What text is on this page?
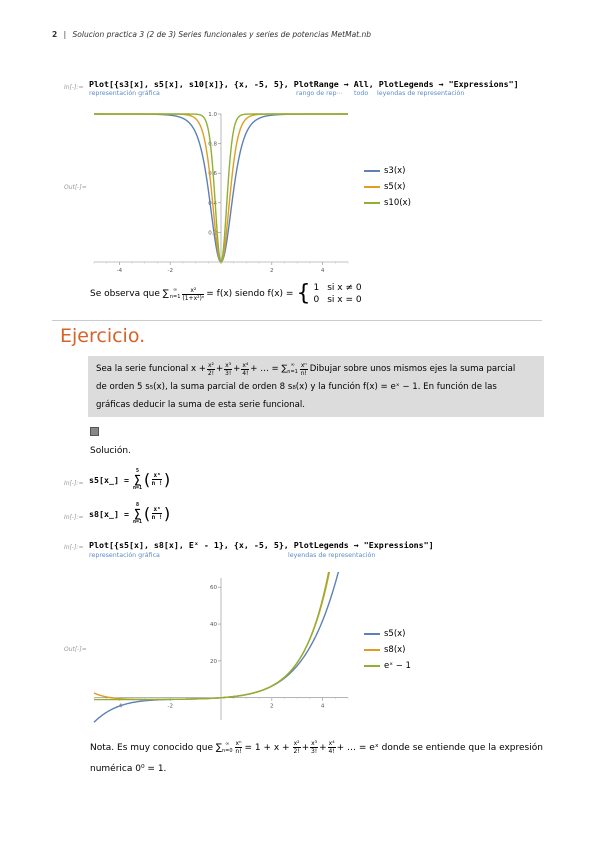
2 | Solucion practica 3 (2 de 3) Series funcionales y series de potencias MetMat.nb
In[-]:= Plot[{s3[x], s5[x], s10[x]}, {x, -5, 5}, PlotRange → All, PlotLegends → "Expressions"]
representación gráfica	rango de rep⋯ todo leyendas de representación
Out[-]=
-4	-2	2	4
0.2
0.4
0.6
0.8
1.0
s3(x)
s5(x)
s10(x)
Se observa que ∑ ∞
$n=1 \frac{\text{x²}}{\text{(1+x²)ⁿ}} = f(x)$ siendo f(x) = { 1 si x ≠ 0
0 si x = 0
Ejercicio.
Sea la serie funcional $x + \frac{\text{x²}}{2!} + \frac{\text{x³}}{3!} + \frac{\text{x⁴}}{4!}$ + … = ∑ ∞
$n=1 \frac{\text{xⁿ}}{n!}$ Dibujar sobre unos mismos ejes la suma parcial
de orden 5 s₅(x), la suma parcial de orden 8 s₈(x) y la función f(x) = eˣ − 1. En función de las
gráficas deducir la suma de esta serie funcional.
Solución.
In[-]:= s5[x_] =
5
∑
n=1 ( $\frac{\text{xⁿ}}{n !}$ )
In[-]:= s8[x_] =
8
∑
n=1 ( $\frac{\text{xⁿ}}{n !}$ )
In[-]:= Plot[{s5[x], s8[x], Eˣ - 1}, {x, -5, 5}, PlotLegends → "Expressions"]
representación gráfica	leyendas de representación
Out[-]=
-4	-2	2	4
20
40
60
s5(x)
s8(x)
eˣ − 1
Nota. Es muy conocido que ∑ ∞
$n=0 \frac{\text{xⁿ}}{n!} = 1 + x + \frac{\text{x²}}{2!} + \frac{\text{x³}}{3!} + \frac{\text{x⁴}}{4!}$ + … = eˣ donde se entiende que la expresión
numérica 0⁰ = 1.
